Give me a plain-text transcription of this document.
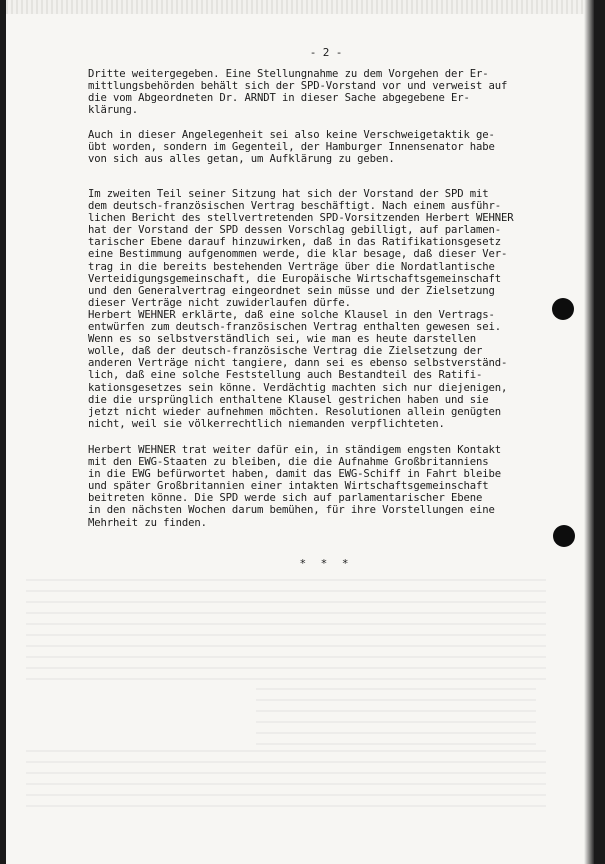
- 2 -

Dritte weitergegeben. Eine Stellungnahme zu dem Vorgehen der Er-
mittlungsbehörden behält sich der SPD-Vorstand vor und verweist auf
die vom Abgeordneten Dr. ARNDT in dieser Sache abgegebene Er-
klärung.

Auch in dieser Angelegenheit sei also keine Verschweigetaktik ge-
übt worden, sondern im Gegenteil, der Hamburger Innensenator habe
von sich aus alles getan, um Aufklärung zu geben.

Im zweiten Teil seiner Sitzung hat sich der Vorstand der SPD mit
dem deutsch-französischen Vertrag beschäftigt. Nach einem ausführ-
lichen Bericht des stellvertretenden SPD-Vorsitzenden Herbert WEHNER
hat der Vorstand der SPD dessen Vorschlag gebilligt, auf parlamen-
tarischer Ebene darauf hinzuwirken, daß in das Ratifikationsgesetz
eine Bestimmung aufgenommen werde, die klar besage, daß dieser Ver-
trag in die bereits bestehenden Verträge über die Nordatlantische
Verteidigungsgemeinschaft, die Europäische Wirtschaftsgemeinschaft
und den Generalvertrag eingeordnet sein müsse und der Zielsetzung
dieser Verträge nicht zuwiderlaufen dürfe.

Herbert WEHNER erklärte, daß eine solche Klausel in den Vertrags-
entwürfen zum deutsch-französischen Vertrag enthalten gewesen sei.
Wenn es so selbstverständlich sei, wie man es heute darstellen
wolle, daß der deutsch-französische Vertrag die Zielsetzung der
anderen Verträge nicht tangiere, dann sei es ebenso selbstverständ-
lich, daß eine solche Feststellung auch Bestandteil des Ratifi-
kationsgesetzes sein könne. Verdächtig machten sich nur diejenigen,
die die ursprünglich enthaltene Klausel gestrichen haben und sie
jetzt nicht wieder aufnehmen möchten. Resolutionen allein genügten
nicht, weil sie völkerrechtlich niemanden verpflichteten.

Herbert WEHNER trat weiter dafür ein, in ständigem engsten Kontakt
mit den EWG-Staaten zu bleiben, die die Aufnahme Großbritanniens
in die EWG befürwortet haben, damit das EWG-Schiff in Fahrt bleibe
und später Großbritannien einer intakten Wirtschaftsgemeinschaft
beitreten könne. Die SPD werde sich auf parlamentarischer Ebene
in den nächsten Wochen darum bemühen, für ihre Vorstellungen eine
Mehrheit zu finden.

* * *
